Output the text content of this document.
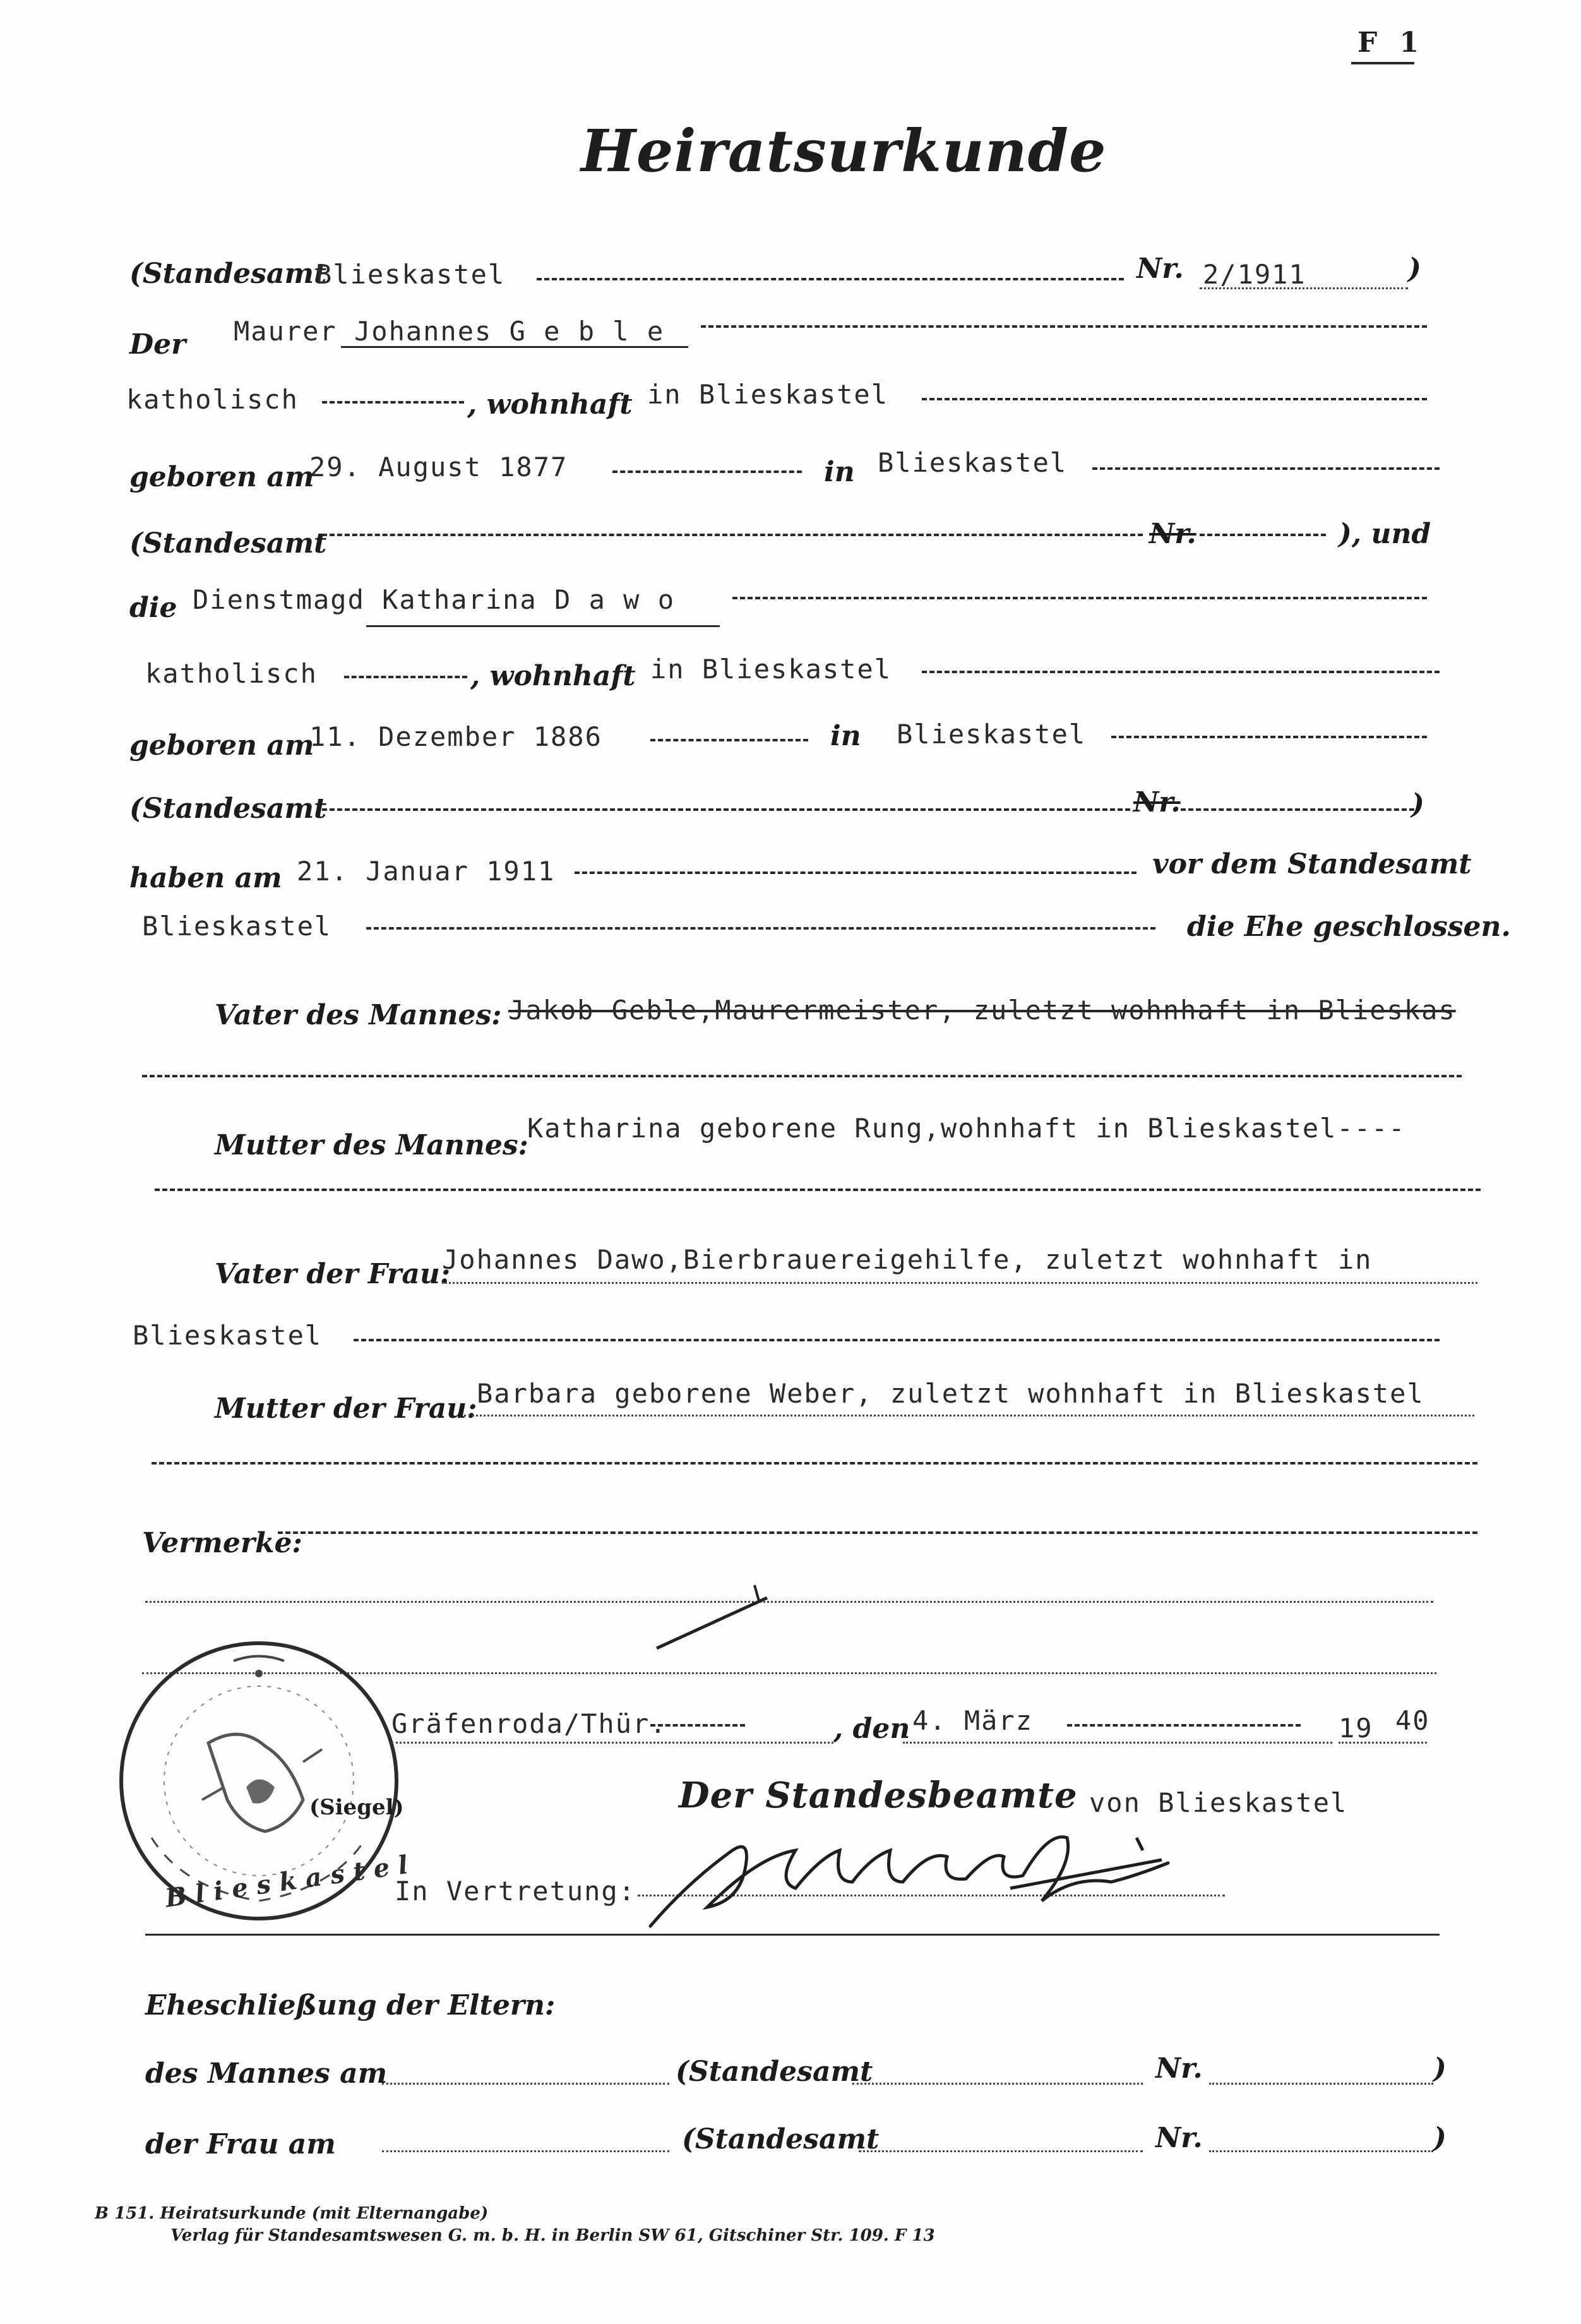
F 1
Heiratsurkunde
(Standesamt
Blieskastel	Nr. 2/1911	)
Der Maurer Johannes G e b l e
katholisch	, wohnhaft in Blieskastel
geboren am
29. August 1877	in Blieskastel
(Standesamt	Nr.	), und
die Dienstmagd Katharina D a w o
katholisch	, wohnhaft in Blieskastel
geboren am
11. Dezember 1886	in Blieskastel
(Standesamt	Nr.	)
haben am 21. Januar 1911	vor dem Standesamt
Blieskastel	die Ehe geschlossen.
Vater des Mannes: Jakob Geble,Maurermeister, zuletzt wohnhaft in Blieskas
Mutter des Mannes:
Katharina geborene Rung,wohnhaft in Blieskastel----
Vater der Frau:
Johannes Dawo,Bierbrauereigehilfe, zuletzt wohnhaft in
Blieskastel
Mutter der Frau: Barbara geborene Weber, zuletzt wohnhaft in Blieskastel
Vermerke:
Blieskastel
(Siegel)
Gräfenroda/Thür.	, den 4. März	19 40
Der Standesbeamte von Blieskastel
In Vertretung:
Eheschließung der Eltern:
des Mannes am	(Standesamt	Nr.	)
der Frau am	(Standesamt	Nr.	)
B 151. Heiratsurkunde (mit Elternangabe)
Verlag für Standesamtswesen G. m. b. H. in Berlin SW 61, Gitschiner Str. 109. F 13
